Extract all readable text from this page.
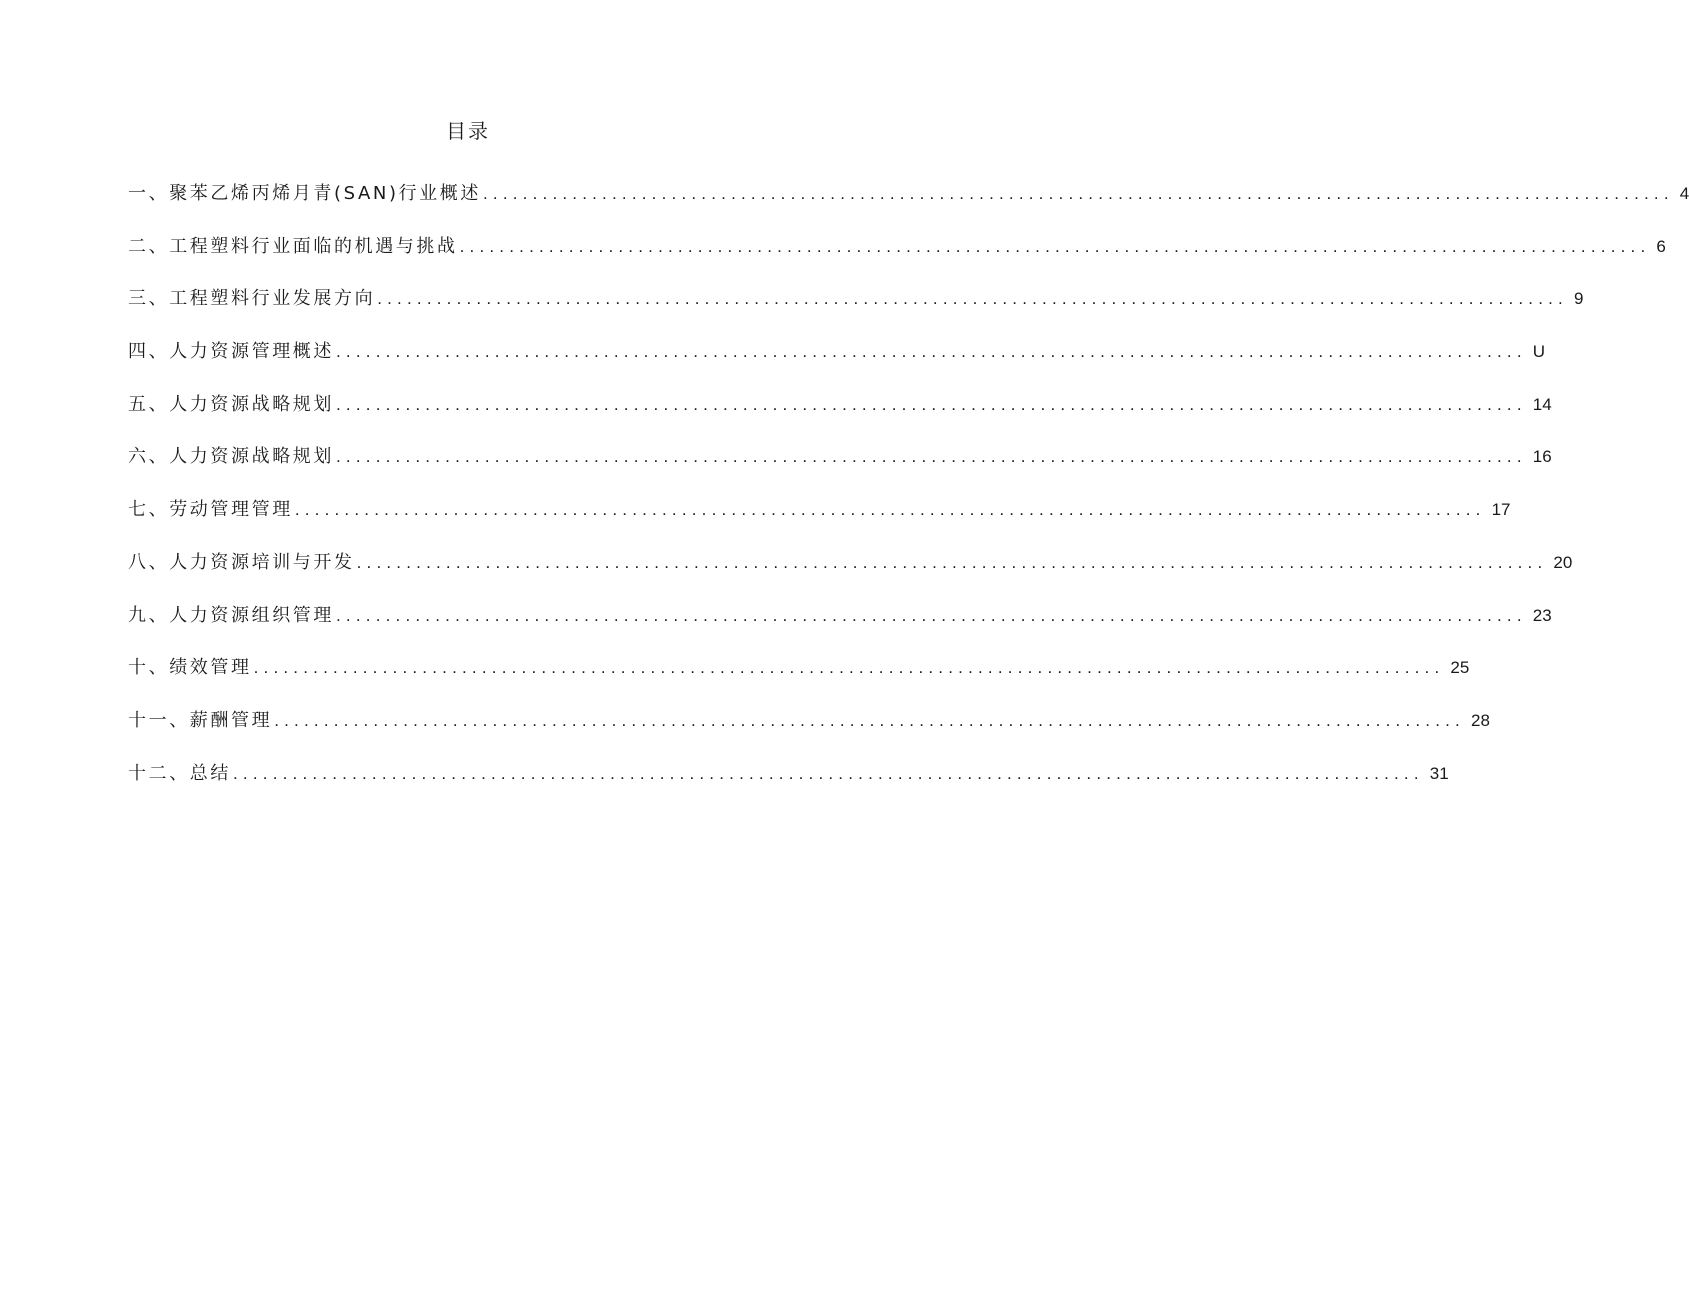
目录
一、聚苯乙烯丙烯月青(SAN)行业概述 ........................................................................................................................ 4
二、工程塑料行业面临的机遇与挑战 ........................................................................................................................ 6
三、工程塑料行业发展方向 ........................................................................................................................ 9
四、人力资源管理概述 ........................................................................................................................ U
五、人力资源战略规划 ........................................................................................................................ 14
六、人力资源战略规划 ........................................................................................................................ 16
七、劳动管理管理 ........................................................................................................................ 17
八、人力资源培训与开发 ........................................................................................................................ 20
九、人力资源组织管理 ........................................................................................................................ 23
十、绩效管理 ........................................................................................................................ 25
十一、薪酬管理 ........................................................................................................................ 28
十二、总结 ........................................................................................................................ 31
